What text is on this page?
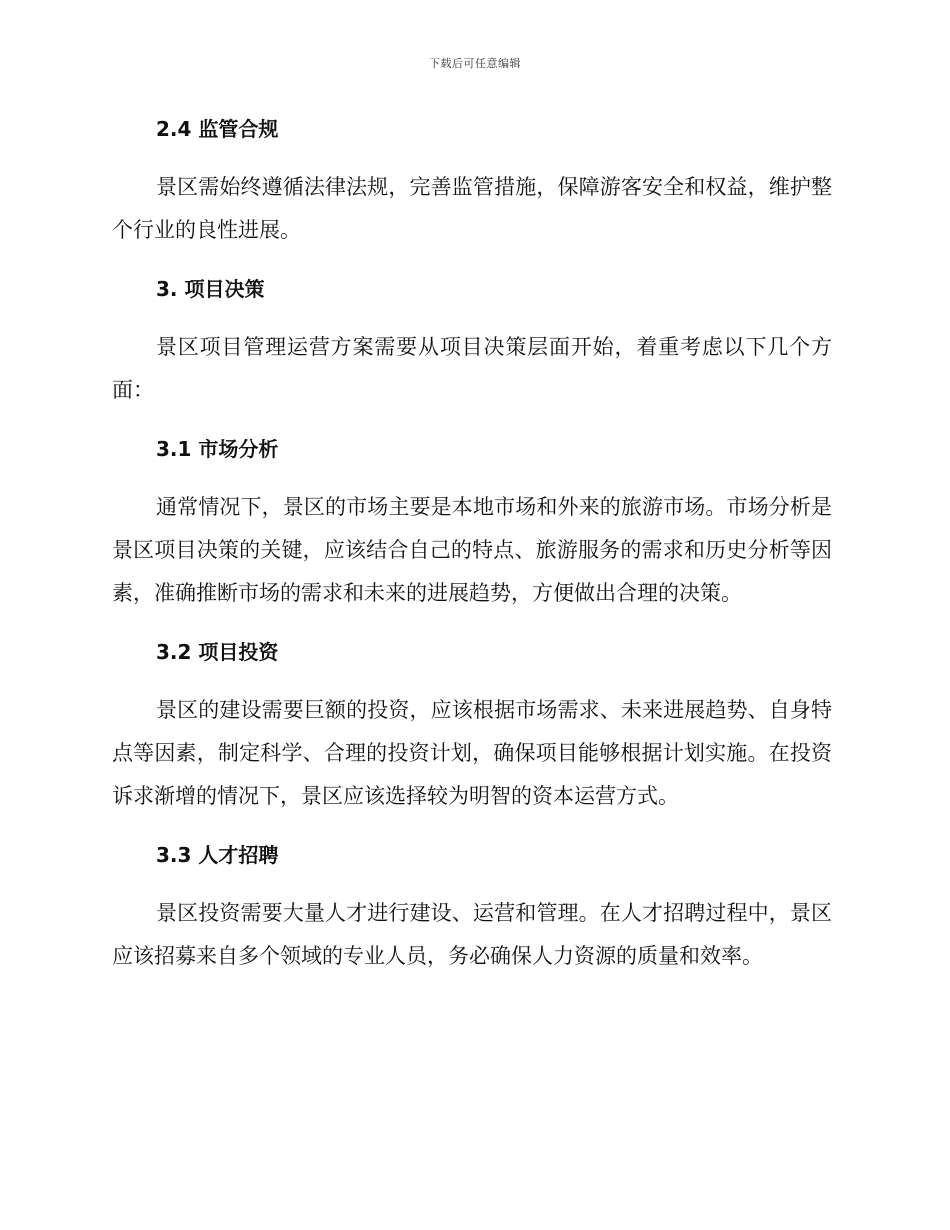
下载后可任意编辑
2.4 监管合规

景区需始终遵循法律法规，完善监管措施，保障游客安全和权益，维护整个行业的良性进展。

3. 项目决策

景区项目管理运营方案需要从项目决策层面开始，着重考虑以下几个方面：

3.1 市场分析

通常情况下，景区的市场主要是本地市场和外来的旅游市场。市场分析是景区项目决策的关键，应该结合自己的特点、旅游服务的需求和历史分析等因素，准确推断市场的需求和未来的进展趋势，方便做出合理的决策。

3.2 项目投资

景区的建设需要巨额的投资，应该根据市场需求、未来进展趋势、自身特点等因素，制定科学、合理的投资计划，确保项目能够根据计划实施。在投资诉求渐增的情况下，景区应该选择较为明智的资本运营方式。

3.3 人才招聘

景区投资需要大量人才进行建设、运营和管理。在人才招聘过程中，景区应该招募来自多个领域的专业人员，务必确保人力资源的质量和效率。
